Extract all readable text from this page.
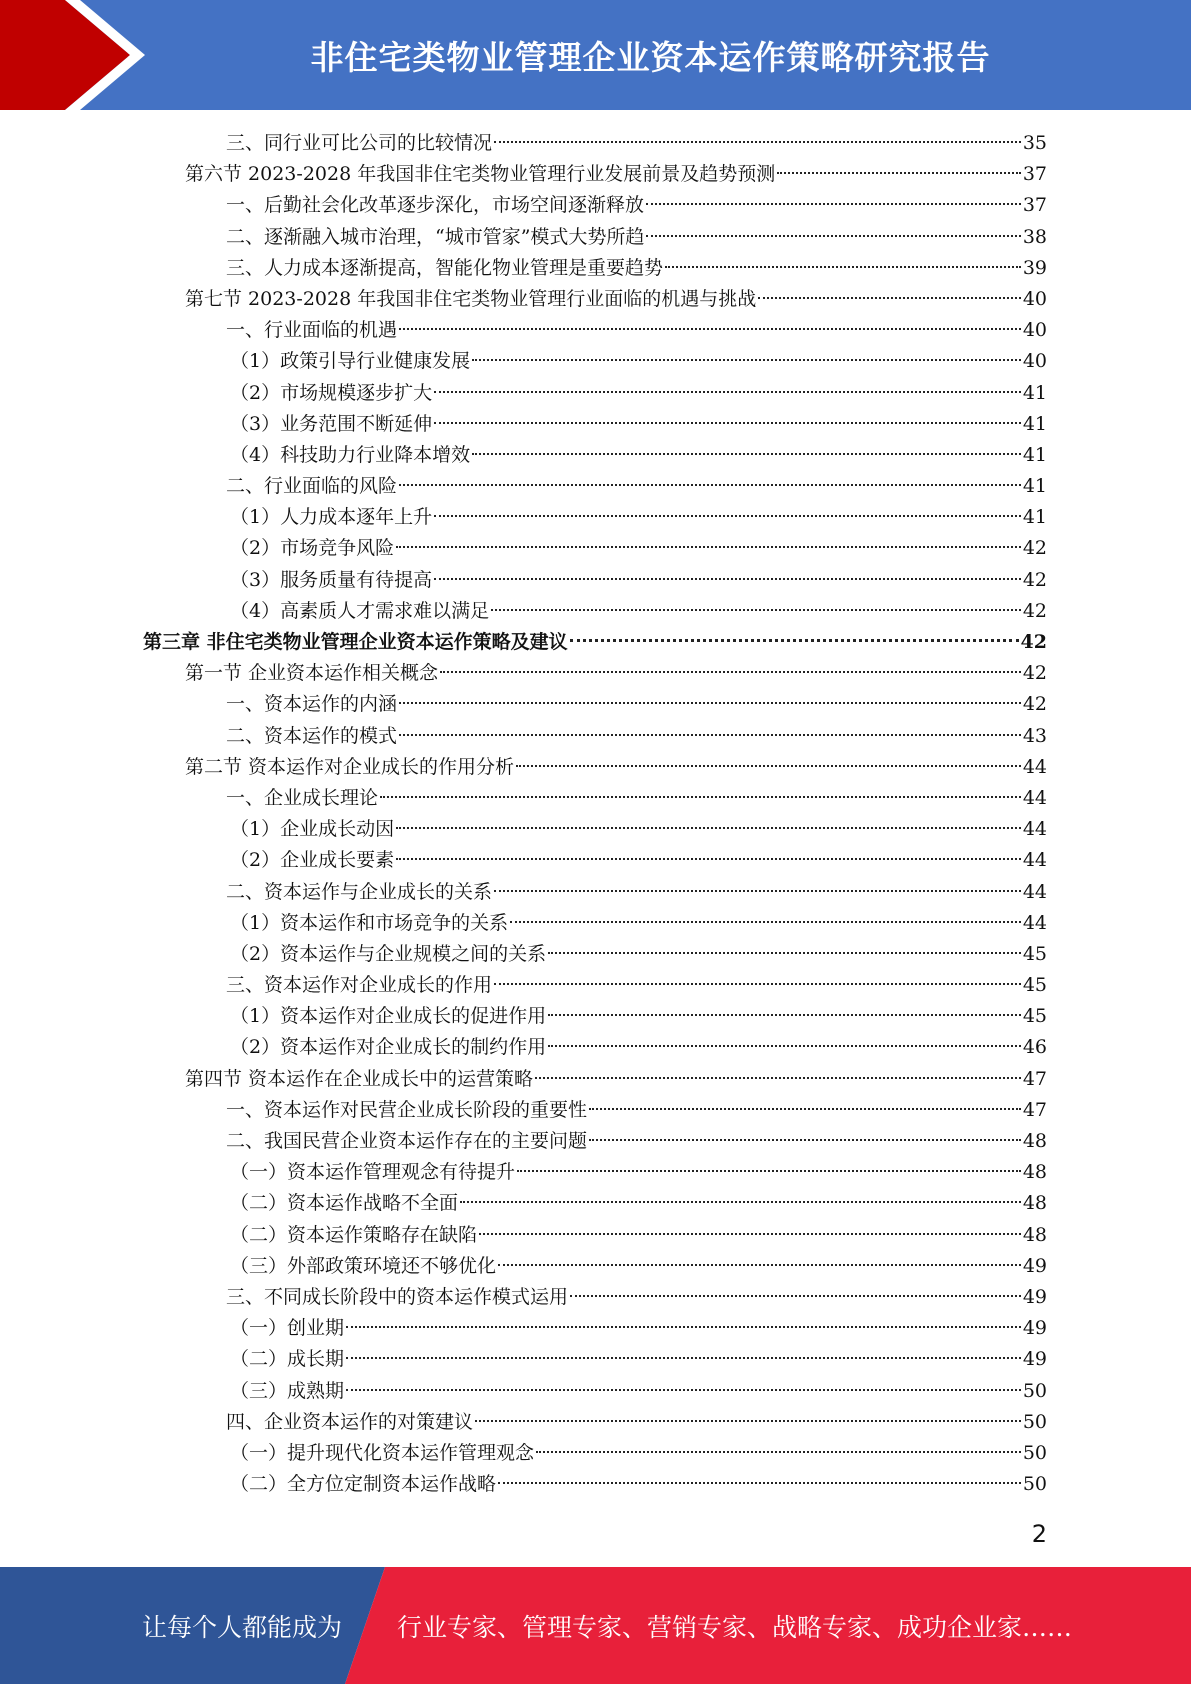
非住宅类物业管理企业资本运作策略研究报告
三、同行业可比公司的比较情况	35
第六节 2023-2028 年我国非住宅类物业管理行业发展前景及趋势预测	37
一、后勤社会化改革逐步深化，市场空间逐渐释放	37
二、逐渐融入城市治理，“城市管家”模式大势所趋	38
三、人力成本逐渐提高，智能化物业管理是重要趋势	39
第七节 2023-2028 年我国非住宅类物业管理行业面临的机遇与挑战	40
一、行业面临的机遇	40
（1）政策引导行业健康发展	40
（2）市场规模逐步扩大	41
（3）业务范围不断延伸	41
（4）科技助力行业降本增效	41
二、行业面临的风险	41
（1）人力成本逐年上升	41
（2）市场竞争风险	42
（3）服务质量有待提高	42
（4）高素质人才需求难以满足	42
第三章 非住宅类物业管理企业资本运作策略及建议	42
第一节 企业资本运作相关概念	42
一、资本运作的内涵	42
二、资本运作的模式	43
第二节 资本运作对企业成长的作用分析	44
一、企业成长理论	44
（1）企业成长动因	44
（2）企业成长要素	44
二、资本运作与企业成长的关系	44
（1）资本运作和市场竞争的关系	44
（2）资本运作与企业规模之间的关系	45
三、资本运作对企业成长的作用	45
（1）资本运作对企业成长的促进作用	45
（2）资本运作对企业成长的制约作用	46
第四节 资本运作在企业成长中的运营策略	47
一、资本运作对民营企业成长阶段的重要性	47
二、我国民营企业资本运作存在的主要问题	48
（一）资本运作管理观念有待提升	48
（二）资本运作战略不全面	48
（二）资本运作策略存在缺陷	48
（三）外部政策环境还不够优化	49
三、不同成长阶段中的资本运作模式运用	49
（一）创业期	49
（二）成长期	49
（三）成熟期	50
四、企业资本运作的对策建议	50
（一）提升现代化资本运作管理观念	50
（二）全方位定制资本运作战略	50
2
让每个人都能成为 行业专家、管理专家、营销专家、战略专家、成功企业家……
